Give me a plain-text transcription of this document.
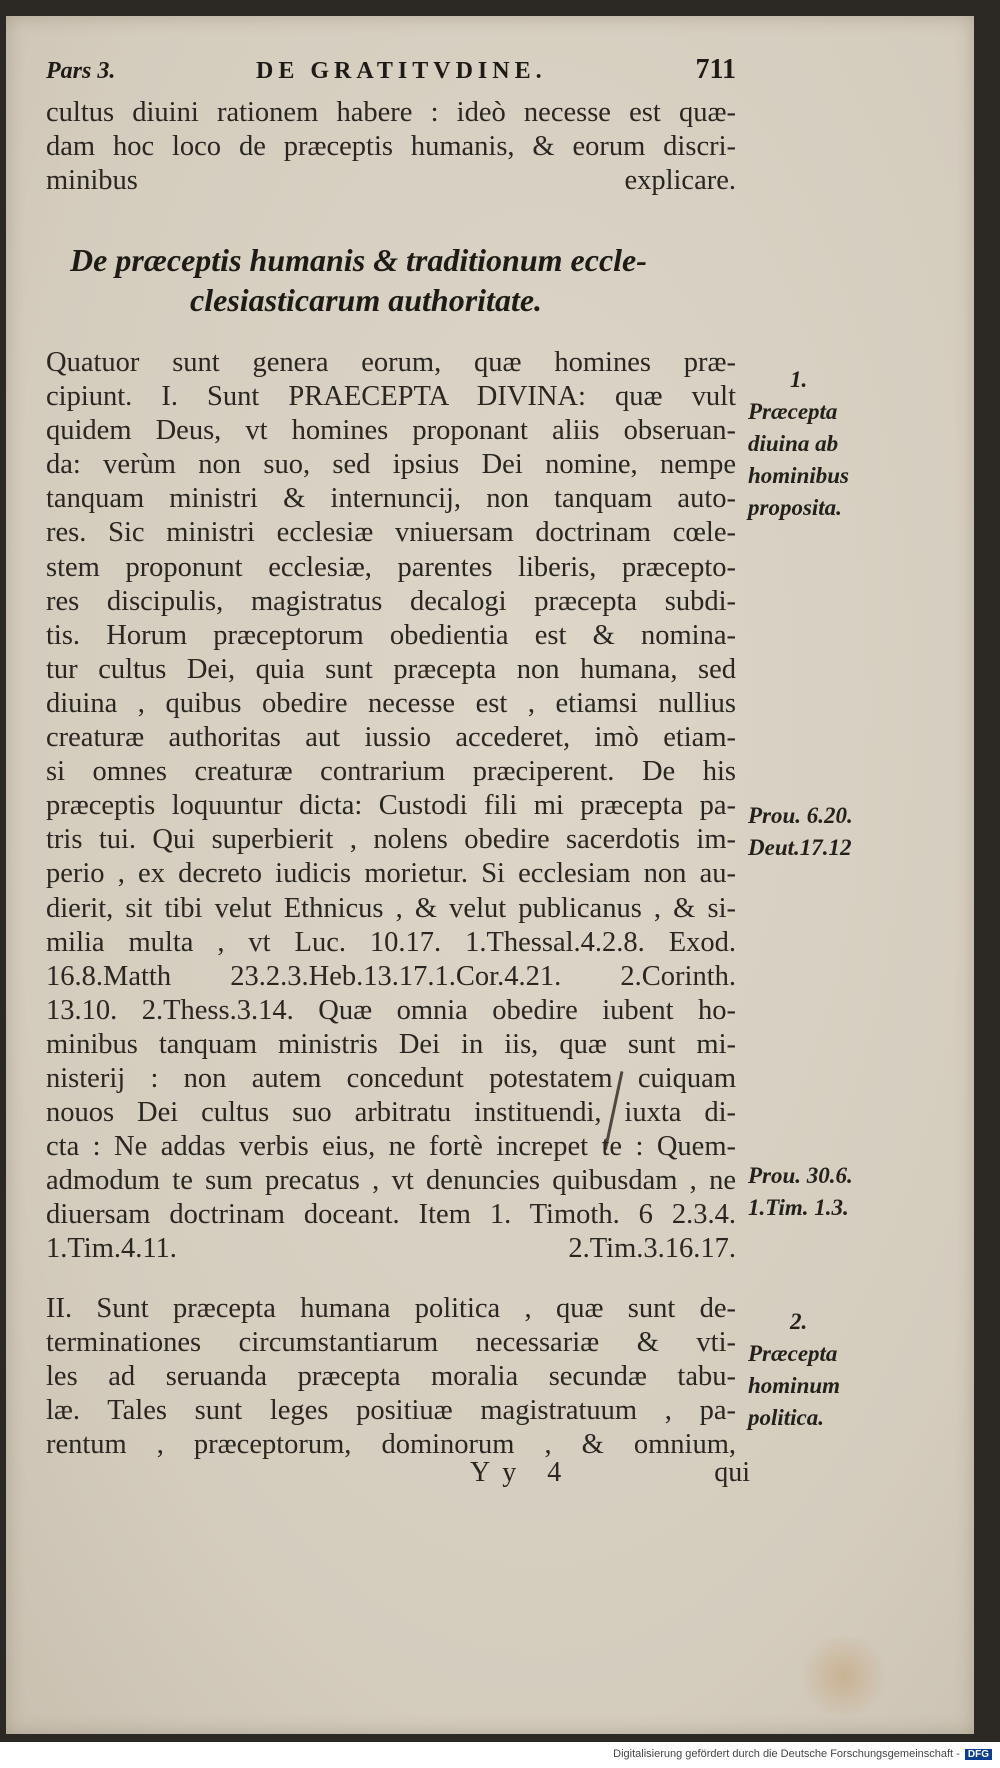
Pars 3.	DE GRATITVDINE.	711
cultus diuini rationem habere : ideò necesse est quæ-
dam hoc loco de præceptis humanis, & eorum discri-
minibus explicare.
De præceptis humanis & traditionum eccle-
clesiasticarum authoritate.
Quatuor sunt genera eorum, quæ homines præ-
cipiunt. I. Sunt PRAECEPTA DIVINA: quæ vult
quidem Deus, vt homines proponant aliis obseruan-
da: verùm non suo, sed ipsius Dei nomine, nempe
tanquam ministri & internuncij, non tanquam auto-
res. Sic ministri ecclesiæ vniuersam doctrinam cœle-
stem proponunt ecclesiæ, parentes liberis, præcepto-
res discipulis, magistratus decalogi præcepta subdi-
tis. Horum præceptorum obedientia est & nomina-
tur cultus Dei, quia sunt præcepta non humana, sed
diuina , quibus obedire necesse est , etiamsi nullius
creaturæ authoritas aut iussio accederet, imò etiam-
si omnes creaturæ contrarium præciperent. De his
præceptis loquuntur dicta: Custodi fili mi præcepta pa-
tris tui. Qui superbierit , nolens obedire sacerdotis im-
perio , ex decreto iudicis morietur. Si ecclesiam non au-
dierit, sit tibi velut Ethnicus , & velut publicanus , & si-
milia multa , vt Luc. 10.17. 1.Thessal.4.2.8. Exod.
16.8.Matth 23.2.3.Heb.13.17.1.Cor.4.21. 2.Corinth.
13.10. 2.Thess.3.14. Quæ omnia obedire iubent ho-
minibus tanquam ministris Dei in iis, quæ sunt mi-
nisterij : non autem concedunt potestatem cuiquam
nouos Dei cultus suo arbitratu instituendi, iuxta di-
cta : Ne addas verbis eius, ne fortè increpet te : Quem-
admodum te sum precatus , vt denuncies quibusdam , ne
diuersam doctrinam doceant. Item 1. Timoth. 6 2.3.4.
1.Tim.4.11. 2.Tim.3.16.17.
II. Sunt præcepta humana politica , quæ sunt de-
terminationes circumstantiarum necessariæ & vti-
les ad seruanda præcepta moralia secundæ tabu-
læ. Tales sunt leges positiuæ magistratuum , pa-
rentum , præceptorum, dominorum , & omnium,
1.
Præcepta
diuina ab
hominibus
proposita.
Prou. 6.20.
Deut.17.12
Prou. 30.6.
1.Tim. 1.3.
2.
Præcepta
hominum
politica.
Yy 4	qui
Digitalisierung gefördert durch die Deutsche Forschungsgemeinschaft - DFG
